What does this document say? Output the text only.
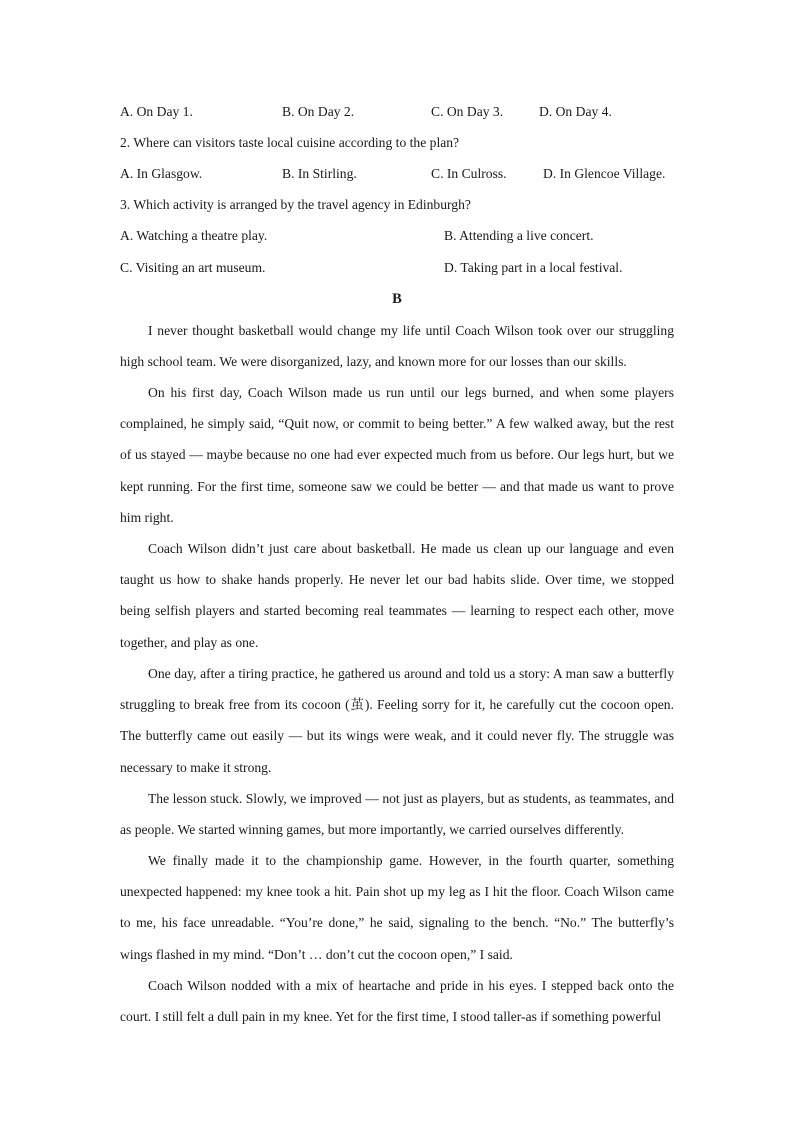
A. On Day 1.	B. On Day 2.	C. On Day 3.	D. On Day 4.
2. Where can visitors taste local cuisine according to the plan?
A. In Glasgow.	B. In Stirling.	C. In Culross.	D. In Glencoe Village.
3. Which activity is arranged by the travel agency in Edinburgh?
A. Watching a theatre play.	B. Attending a live concert.
C. Visiting an art museum.	D. Taking part in a local festival.
B

I never thought basketball would change my life until Coach Wilson took over our struggling high school team. We were disorganized, lazy, and known more for our losses than our skills.

On his first day, Coach Wilson made us run until our legs burned, and when some players complained, he simply said, “Quit now, or commit to being better.” A few walked away, but the rest of us stayed — maybe because no one had ever expected much from us before. Our legs hurt, but we kept running. For the first time, someone saw we could be better — and that made us want to prove him right.

Coach Wilson didn’t just care about basketball. He made us clean up our language and even taught us how to shake hands properly. He never let our bad habits slide. Over time, we stopped being selfish players and started becoming real teammates — learning to respect each other, move together, and play as one.

One day, after a tiring practice, he gathered us around and told us a story: A man saw a butterfly struggling to break free from its cocoon (茧). Feeling sorry for it, he carefully cut the cocoon open. The butterfly came out easily — but its wings were weak, and it could never fly. The struggle was necessary to make it strong.

The lesson stuck. Slowly, we improved — not just as players, but as students, as teammates, and as people. We started winning games, but more importantly, we carried ourselves differently.

We finally made it to the championship game. However, in the fourth quarter, something unexpected happened: my knee took a hit. Pain shot up my leg as I hit the floor. Coach Wilson came to me, his face unreadable. “You’re done,” he said, signaling to the bench. “No.” The butterfly’s wings flashed in my mind. “Don’t … don’t cut the cocoon open,” I said.

Coach Wilson nodded with a mix of heartache and pride in his eyes. I stepped back onto the court. I still felt a dull pain in my knee. Yet for the first time, I stood taller-as if something powerful
